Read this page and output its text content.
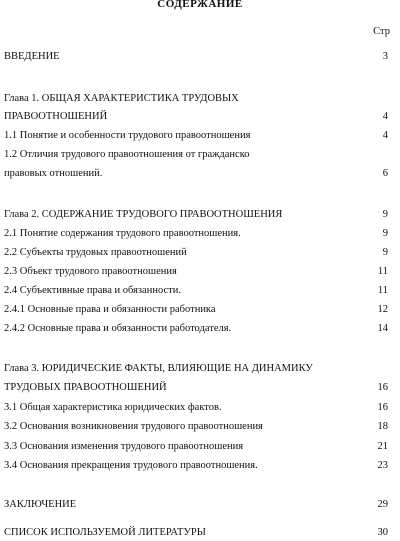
СОДЕРЖАНИЕ
Стр
ВВЕДЕНИЕ	3
Глава 1. ОБЩАЯ ХАРАКТЕРИСТИКА ТРУДОВЫХ
ПРАВООТНОШЕНИЙ	4
1.1 Понятие и особенности трудового правоотношения	4
1.2 Отличия трудового правоотношения от гражданско
правовых отношений.	6
Глава 2. СОДЕРЖАНИЕ ТРУДОВОГО ПРАВООТНОШЕНИЯ	9
2.1 Понятие содержания трудового правоотношения.	9
2.2 Субъекты трудовых правоотношений	9
2.3 Объект трудового правоотношения	11
2.4 Субъективные права и обязанности.	11
2.4.1 Основные права и обязанности работника	12
2.4.2 Основные права и обязанности работодателя.	14
Глава 3. ЮРИДИЧЕСКИЕ ФАКТЫ, ВЛИЯЮЩИЕ НА ДИНАМИКУ
ТРУДОВЫХ ПРАВООТНОШЕНИЙ	16
3.1 Общая характеристика юридических фактов.	16
3.2 Основания возникновения трудового правоотношения	18
3.3 Основания изменения трудового правоотношения	21
3.4 Основания прекращения трудового правоотношения.	23
ЗАКЛЮЧЕНИЕ	29
СПИСОК ИСПОЛЬЗУЕМОЙ ЛИТЕРАТУРЫ	30
